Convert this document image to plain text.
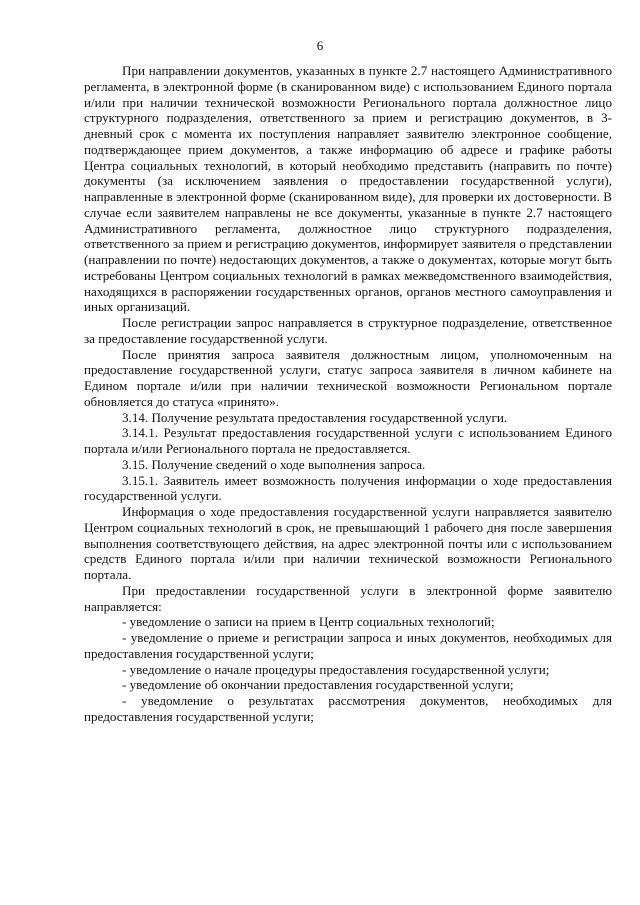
6

При направлении документов, указанных в пункте 2.7 настоящего Административного регламента, в электронной форме (в сканированном виде) с использованием Единого портала и/или при наличии технической возможности Регионального портала должностное лицо структурного подразделения, ответственного за прием и регистрацию документов, в 3-дневный срок с момента их поступления направляет заявителю электронное сообщение, подтверждающее прием документов, а также информацию об адресе и графике работы Центра социальных технологий, в который необходимо представить (направить по почте) документы (за исключением заявления о предоставлении государственной услуги), направленные в электронной форме (сканированном виде), для проверки их достоверности. В случае если заявителем направлены не все документы, указанные в пункте 2.7 настоящего Административного регламента, должностное лицо структурного подразделения, ответственного за прием и регистрацию документов, информирует заявителя о представлении (направлении по почте) недостающих документов, а также о документах, которые могут быть истребованы Центром социальных технологий в рамках межведомственного взаимодействия, находящихся в распоряжении государственных органов, органов местного самоуправления и иных организаций.

После регистрации запрос направляется в структурное подразделение, ответственное за предоставление государственной услуги.

После принятия запроса заявителя должностным лицом, уполномоченным на предоставление государственной услуги, статус запроса заявителя в личном кабинете на Едином портале и/или при наличии технической возможности Региональном портале обновляется до статуса «принято».

3.14. Получение результата предоставления государственной услуги.

3.14.1. Результат предоставления государственной услуги с использованием Единого портала и/или Регионального портала не предоставляется.

3.15. Получение сведений о ходе выполнения запроса.

3.15.1. Заявитель имеет возможность получения информации о ходе предоставления государственной услуги.

Информация о ходе предоставления государственной услуги направляется заявителю Центром социальных технологий в срок, не превышающий 1 рабочего дня после завершения выполнения соответствующего действия, на адрес электронной почты или с использованием средств Единого портала и/или при наличии технической возможности Регионального портала.

При предоставлении государственной услуги в электронной форме заявителю направляется:

- уведомление о записи на прием в Центр социальных технологий;

- уведомление о приеме и регистрации запроса и иных документов, необходимых для предоставления государственной услуги;

- уведомление о начале процедуры предоставления государственной услуги;

- уведомление об окончании предоставления государственной услуги;

- уведомление о результатах рассмотрения документов, необходимых для предоставления государственной услуги;
